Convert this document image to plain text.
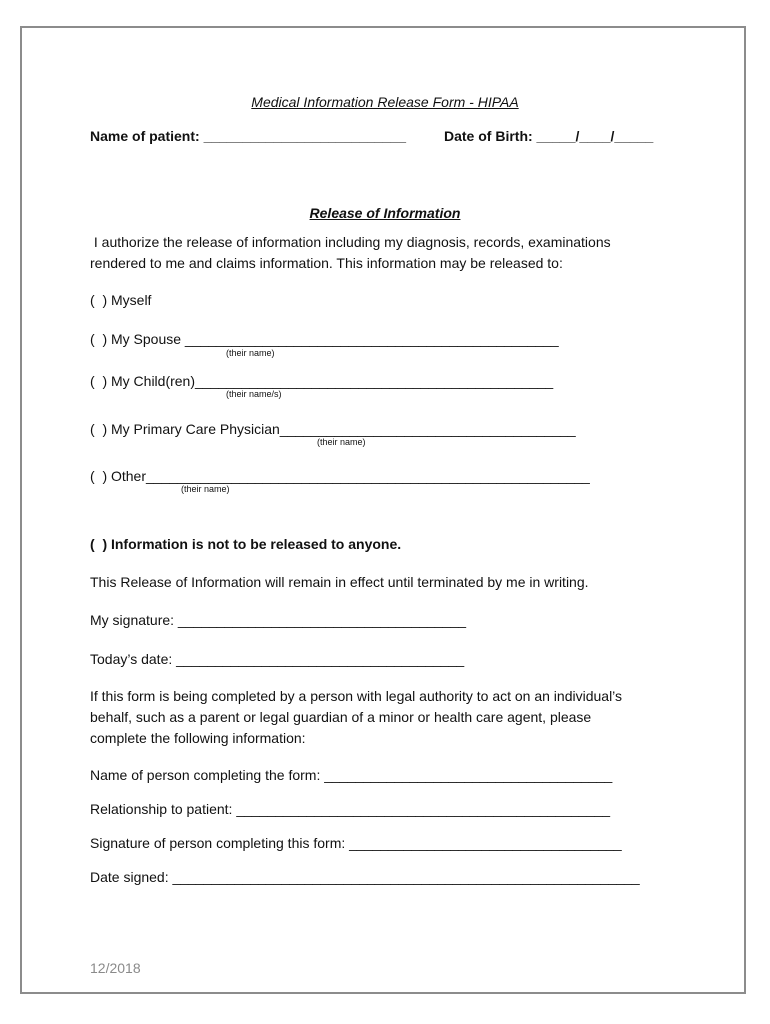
Medical Information Release Form - HIPAA
Name of patient: __________________________	Date of Birth: _____/____/_____
Release of Information
I authorize the release of information including my diagnosis, records, examinations
rendered to me and claims information. This information may be released to:
(  ) Myself
(  ) My Spouse ________________________________________________
(their name)
(  ) My Child(ren)______________________________________________
(their name/s)
(  ) My Primary Care Physician______________________________________
(their name)
(  ) Other_________________________________________________________
(their name)
(  ) Information is not to be released to anyone.
This Release of Information will remain in effect until terminated by me in writing.
My signature: _____________________________________
Today’s date: _____________________________________
If this form is being completed by a person with legal authority to act on an individual’s
behalf, such as a parent or legal guardian of a minor or health care agent, please
complete the following information:
Name of person completing the form: _____________________________________
Relationship to patient: ________________________________________________
Signature of person completing this form: ___________________________________
Date signed: ____________________________________________________________
12/2018
